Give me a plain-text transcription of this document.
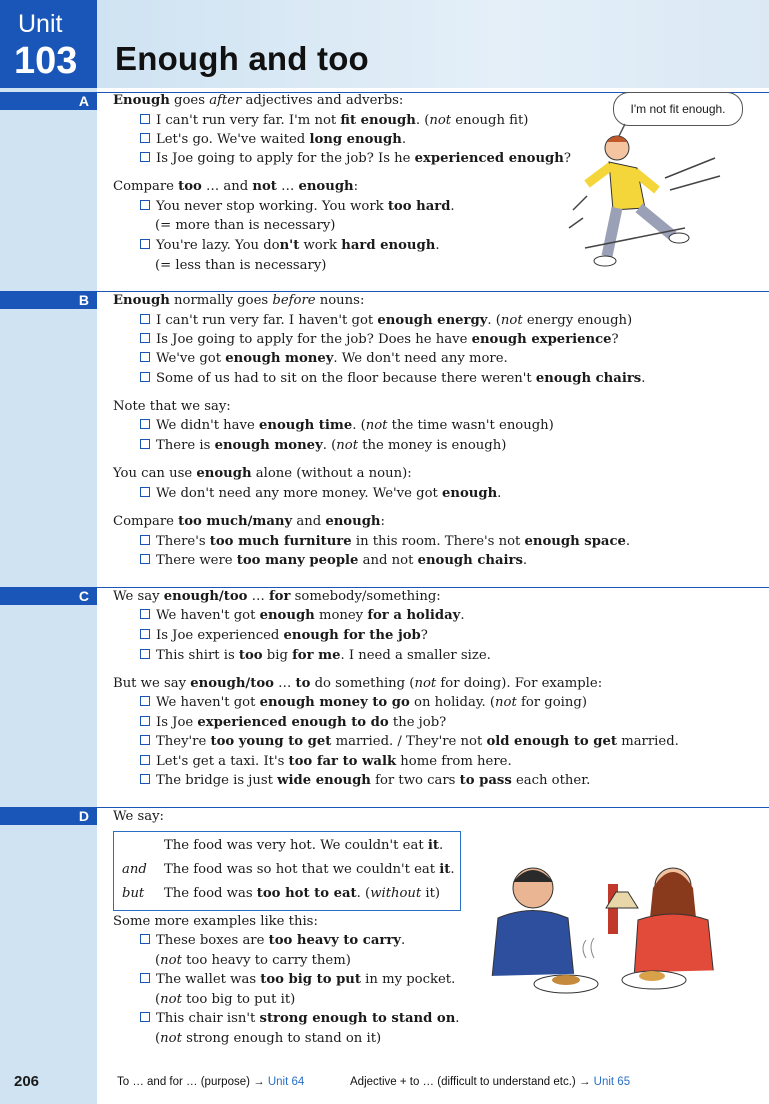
Unit
103 Enough and too
A
B
C
D
I'm not fit enough.
Enough goes after adjectives and adverbs:
I can't run very far. I'm not fit enough. (not enough fit)
Let's go. We've waited long enough.
Is Joe going to apply for the job? Is he experienced enough?
Compare too … and not … enough:
You never stop working. You work too hard.
(= more than is necessary)
You're lazy. You don't work hard enough.
(= less than is necessary)
Enough normally goes before nouns:
I can't run very far. I haven't got enough energy. (not energy enough)
Is Joe going to apply for the job? Does he have enough experience?
We've got enough money. We don't need any more.
Some of us had to sit on the floor because there weren't enough chairs.
Note that we say:
We didn't have enough time. (not the time wasn't enough)
There is enough money. (not the money is enough)
You can use enough alone (without a noun):
We don't need any more money. We've got enough.
Compare too much/many and enough:
There's too much furniture in this room. There's not enough space.
There were too many people and not enough chairs.
We say enough/too … for somebody/something:
We haven't got enough money for a holiday.
Is Joe experienced enough for the job?
This shirt is too big for me. I need a smaller size.
But we say enough/too … to do something (not for doing). For example:
We haven't got enough money to go on holiday. (not for going)
Is Joe experienced enough to do the job?
They're too young to get married. / They're not old enough to get married.
Let's get a taxi. It's too far to walk home from here.
The bridge is just wide enough for two cars to pass each other.
We say:
The food was very hot. We couldn't eat it.
and The food was so hot that we couldn't eat it.
but The food was too hot to eat. (without it)
Some more examples like this:
These boxes are too heavy to carry.
(not too heavy to carry them)
The wallet was too big to put in my pocket.
(not too big to put it)
This chair isn't strong enough to stand on.
(not strong enough to stand on it)
206	To … and for … (purpose) → Unit 64	Adjective + to … (difficult to understand etc.) → Unit 65
